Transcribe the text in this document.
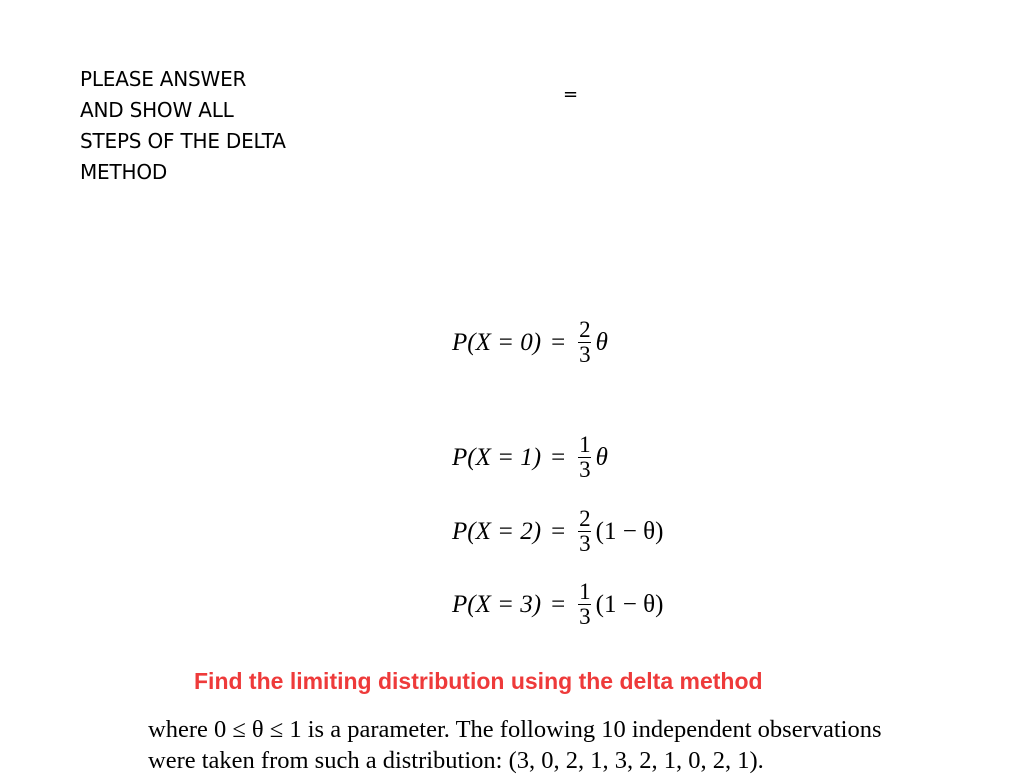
PLEASE ANSWER
AND SHOW ALL
STEPS OF THE DELTA
METHOD
=
$P(X = 0) = \frac{2}{3}$ θ
$P(X = 1) = \frac{1}{3}$ θ
$P(X = 2) = \frac{2}{3} (1 - \theta)$
$P(X = 3) = \frac{1}{3} (1 - \theta)$
Find the limiting distribution using the delta method
where 0 ≤ θ ≤ 1 is a parameter. The following 10 independent observations
were taken from such a distribution: (3, 0, 2, 1, 3, 2, 1, 0, 2, 1).
